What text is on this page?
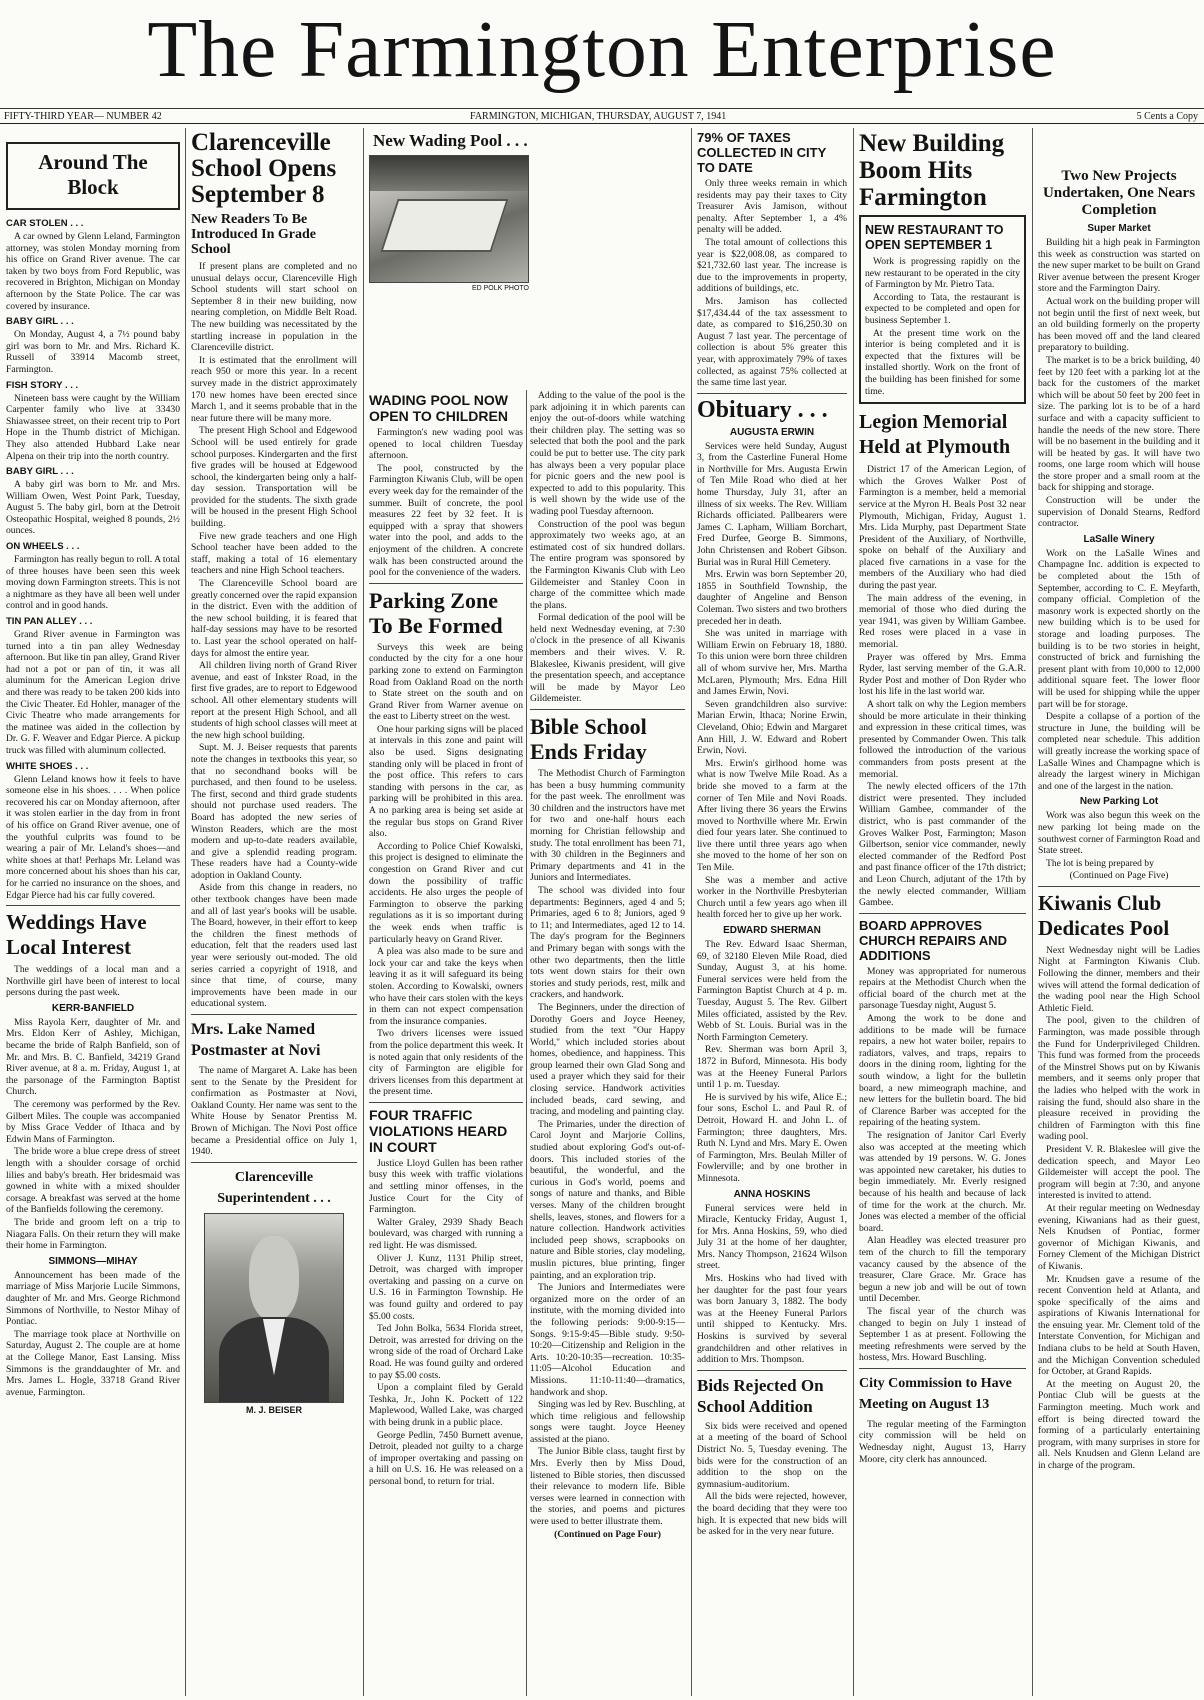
The Farmington Enterprise
FIFTY-THIRD YEAR— NUMBER 42	FARMINGTON, MICHIGAN, THURSDAY, AUGUST 7, 1941	5 Cents a Copy
Around The Block
CAR STOLEN . . .

A car owned by Glenn Leland, Farmington attorney, was stolen Monday morning from his office on Grand River avenue. The car taken by two boys from Ford Republic, was recovered in Brighton, Michigan on Monday afternoon by the State Police. The car was covered by insurance.

BABY GIRL . . .

On Monday, August 4, a 7½ pound baby girl was born to Mr. and Mrs. Richard K. Russell of 33914 Macomb street, Farmington.

FISH STORY . . .

Nineteen bass were caught by the William Carpenter family who live at 33430 Shiawassee street, on their recent trip to Port Hope in the Thumb district of Michigan. They also attended Hubbard Lake near Alpena on their trip into the north country.

BABY GIRL . . .

A baby girl was born to Mr. and Mrs. William Owen, West Point Park, Tuesday, August 5. The baby girl, born at the Detroit Osteopathic Hospital, weighed 8 pounds, 2½ ounces.

ON WHEELS . . .

Farmington has really begun to roll. A total of three houses have been seen this week moving down Farmington streets. This is not a nightmare as they have all been well under control and in good hands.

TIN PAN ALLEY . . .

Grand River avenue in Farmington was turned into a tin pan alley Wednesday afternoon. But like tin pan alley, Grand River had not a pot or pan of tin, it was all aluminum for the American Legion drive and there was ready to be taken 200 kids into the Civic Theater. Ed Hohler, manager of the Civic Theatre who made arrangements for the matinee was aided in the collection by Dr. G. F. Weaver and Edgar Pierce. A pickup truck was filled with aluminum collected.

WHITE SHOES . . .

Glenn Leland knows how it feels to have someone else in his shoes. . . . When police recovered his car on Monday afternoon, after it was stolen earlier in the day from in front of his office on Grand River avenue, one of the youthful culprits was found to be wearing a pair of Mr. Leland's shoes—and white shoes at that! Perhaps Mr. Leland was more concerned about his shoes than his car, for he carried no insurance on the shoes, and Edgar Pierce had his car fully covered.

Weddings Have Local Interest

The weddings of a local man and a Northville girl have been of interest to local persons during the past week.

KERR-BANFIELD

Miss Rayola Kerr, daughter of Mr. and Mrs. Eldon Kerr of Ashley, Michigan, became the bride of Ralph Banfield, son of Mr. and Mrs. B. C. Banfield, 34219 Grand River avenue, at 8 a. m. Friday, August 1, at the parsonage of the Farmington Baptist Church.

The ceremony was performed by the Rev. Gilbert Miles. The couple was accompanied by Miss Grace Vedder of Ithaca and by Edwin Mans of Farmington.

The bride wore a blue crepe dress of street length with a shoulder corsage of orchid lilies and baby's breath. Her bridesmaid was gowned in white with a mixed shoulder corsage. A breakfast was served at the home of the Banfields following the ceremony.

The bride and groom left on a trip to Niagara Falls. On their return they will make their home in Farmington.

SIMMONS—MIHAY

Announcement has been made of the marriage of Miss Marjorie Lucile Simmons, daughter of Mr. and Mrs. George Richmond Simmons of Northville, to Nestor Mihay of Pontiac.

The marriage took place at Northville on Saturday, August 2. The couple are at home at the College Manor, East Lansing. Miss Simmons is the granddaughter of Mr. and Mrs. James L. Hogle, 33718 Grand River avenue, Farmington.

Clarenceville School Opens September 8
New Readers To Be Introduced In Grade School

If present plans are completed and no unusual delays occur, Clarenceville High School students will start school on September 8 in their new building, now nearing completion, on Middle Belt Road. The new building was necessitated by the startling increase in population in the Clarenceville district.

It is estimated that the enrollment will reach 950 or more this year. In a recent survey made in the district approximately 170 new homes have been erected since March 1, and it seems probable that in the near future there will be many more.

The present High School and Edgewood School will be used entirely for grade school purposes. Kindergarten and the first five grades will be housed at Edgewood school, the kindergarten being only a half-day session. Transportation will be provided for the students. The sixth grade will be housed in the present High School building.

Five new grade teachers and one High School teacher have been added to the staff, making a total of 16 elementary teachers and nine High School teachers.

The Clarenceville School board are greatly concerned over the rapid expansion in the district. Even with the addition of the new school building, it is feared that half-day sessions may have to be resorted to. Last year the school operated on half-days for almost the entire year.

All children living north of Grand River avenue, and east of Inkster Road, in the first five grades, are to report to Edgewood school. All other elementary students will report at the present High School, and all students of high school classes will meet at the new high school building.

Supt. M. J. Beiser requests that parents note the changes in textbooks this year, so that no secondhand books will be purchased, and then found to be useless. The first, second and third grade students should not purchase used readers. The Board has adopted the new series of Winston Readers, which are the most modern and up-to-date readers available, and give a splendid reading program. These readers have had a County-wide adoption in Oakland County.

Aside from this change in readers, no other textbook changes have been made and all of last year's books will be usable. The Board, however, in their effort to keep the children the finest methods of education, felt that the readers used last year were seriously out-moded. The old series carried a copyright of 1918, and since that time, of course, many improvements have been made in our educational system.

Mrs. Lake Named Postmaster at Novi

The name of Margaret A. Lake has been sent to the Senate by the President for confirmation as Postmaster at Novi, Oakland County. Her name was sent to the White House by Senator Prentiss M. Brown of Michigan. The Novi Post office became a Presidential office on July 1, 1940.

Clarenceville Superintendent . . .
M. J. BEISER
New Wading Pool . . .
ED POLK PHOTO
WADING POOL NOW OPEN TO CHILDREN

Farmington's new wading pool was opened to local children Tuesday afternoon.

The pool, constructed by the Farmington Kiwanis Club, will be open every week day for the remainder of the summer. Built of concrete, the pool measures 22 feet by 32 feet. It is equipped with a spray that showers water into the pool, and adds to the enjoyment of the children. A concrete walk has been constructed around the pool for the convenience of the waders.

Parking Zone To Be Formed

Surveys this week are being conducted by the city for a one hour parking zone to extend on Farmington Road from Oakland Road on the north to State street on the south and on Grand River from Warner avenue on the east to Liberty street on the west.

One hour parking signs will be placed at intervals in this zone and paint will also be used. Signs designating standing only will be placed in front of the post office. This refers to cars standing with persons in the car, as parking will be prohibited in this area. A no parking area is being set aside at the regular bus stops on Grand River also.

According to Police Chief Kowalski, this project is designed to eliminate the congestion on Grand River and cut down the possibility of traffic accidents. He also urges the people of Farmington to observe the parking regulations as it is so important during the week ends when traffic is particularly heavy on Grand River.

A plea was also made to be sure and lock your car and take the keys when leaving it as it will safeguard its being stolen. According to Kowalski, owners who have their cars stolen with the keys in them can not expect compensation from the insurance companies.

Two drivers licenses were issued from the police department this week. It is noted again that only residents of the city of Farmington are eligible for drivers licenses from this department at the present time.

FOUR TRAFFIC VIOLATIONS HEARD IN COURT

Justice Lloyd Gullen has been rather busy this week with traffic violations and settling minor offenses, in the Justice Court for the City of Farmington.

Walter Graley, 2939 Shady Beach boulevard, was charged with running a red light. He was dismissed.

Oliver J. Kunz, 1131 Philip street, Detroit, was charged with improper overtaking and passing on a curve on U.S. 16 in Farmington Township. He was found guilty and ordered to pay $5.00 costs.

Ted John Bolka, 5634 Florida street, Detroit, was arrested for driving on the wrong side of the road of Orchard Lake Road. He was found guilty and ordered to pay $5.00 costs.

Upon a complaint filed by Gerald Teshka, Jr., John K. Pockett of 122 Maplewood, Walled Lake, was charged with being drunk in a public place.

George Pedlin, 7450 Burnett avenue, Detroit, pleaded not guilty to a charge of improper overtaking and passing on a hill on U.S. 16. He was released on a personal bond, to return for trial.

Adding to the value of the pool is the park adjoining it in which parents can enjoy the out-of-doors while watching their children play. The setting was so selected that both the pool and the park could be put to better use. The city park has always been a very popular place for picnic goers and the new pool is expected to add to this popularity. This is well shown by the wide use of the wading pool Tuesday afternoon.

Construction of the pool was begun approximately two weeks ago, at an estimated cost of six hundred dollars. The entire program was sponsored by the Farmington Kiwanis Club with Leo Gildemeister and Stanley Coon in charge of the committee which made the plans.

Formal dedication of the pool will be held next Wednesday evening, at 7:30 o'clock in the presence of all Kiwanis members and their wives. V. R. Blakeslee, Kiwanis president, will give the presentation speech, and acceptance will be made by Mayor Leo Gildemeister.

Bible School Ends Friday

The Methodist Church of Farmington has been a busy humming community for the past week. The enrollment was 30 children and the instructors have met for two and one-half hours each morning for Christian fellowship and study. The total enrollment has been 71, with 30 children in the Beginners and Primary departments and 41 in the Juniors and Intermediates.

The school was divided into four departments: Beginners, aged 4 and 5; Primaries, aged 6 to 8; Juniors, aged 9 to 11; and Intermediates, aged 12 to 14. The day's program for the Beginners and Primary began with songs with the other two departments, then the little tots went down stairs for their own stories and study periods, rest, milk and crackers, and handwork.

The Beginners, under the direction of Dorothy Goers and Joyce Heeney, studied from the text "Our Happy World," which included stories about homes, obedience, and happiness. This group learned their own Glad Song and used a prayer which they said for their closing service. Handwork activities included beads, card sewing, and tracing, and modeling and painting clay.

The Primaries, under the direction of Carol Joynt and Marjorie Collins, studied about exploring God's out-of-doors. This included stories of the beautiful, the wonderful, and the curious in God's world, poems and songs of nature and thanks, and Bible verses. Many of the children brought shells, leaves, stones, and flowers for a nature collection. Handwork activities included peep shows, scrapbooks on nature and Bible stories, clay modeling, muslin pictures, blue printing, finger painting, and an exploration trip.

The Juniors and Intermediates were organized more on the order of an institute, with the morning divided into the following periods: 9:00-9:15—Songs. 9:15-9:45—Bible study. 9:50-10:20—Citizenship and Religion in the Arts. 10:20-10:35—recreation. 10:35-11:05—Alcohol Education and Missions. 11:10-11:40—dramatics, handwork and shop.

Singing was led by Rev. Buschling, at which time religious and fellowship songs were taught. Joyce Heeney assisted at the piano.

The Junior Bible class, taught first by Mrs. Everly then by Miss Doud, listened to Bible stories, then discussed their relevance to modern life. Bible verses were learned in connection with the stories, and poems and pictures were used to better illustrate them.

(Continued on Page Four)

79% OF TAXES COLLECTED IN CITY TO DATE

Only three weeks remain in which residents may pay their taxes to City Treasurer Avis Jamison, without penalty. After September 1, a 4% penalty will be added.

The total amount of collections this year is $22,008.08, as compared to $21,732.60 last year. The increase is due to the improvements in property, additions of buildings, etc.

Mrs. Jamison has collected $17,434.44 of the tax assessment to date, as compared to $16,250.30 on August 7 last year. The percentage of collection is about 5% greater this year, with approximately 79% of taxes collected, as against 75% collected at the same time last year.

Obituary . . .
AUGUSTA ERWIN

Services were held Sunday, August 3, from the Casterline Funeral Home in Northville for Mrs. Augusta Erwin of Ten Mile Road who died at her home Thursday, July 31, after an illness of six weeks. The Rev. William Richards officiated. Pallbearers were James C. Lapham, William Borchart, Fred Durfee, George B. Simmons, John Christensen and Robert Gibson. Burial was in Rural Hill Cemetery.

Mrs. Erwin was born September 20, 1855 in Southfield Township, the daughter of Angeline and Benson Coleman. Two sisters and two brothers preceded her in death.

She was united in marriage with William Erwin on February 18, 1880. To this union were born three children all of whom survive her, Mrs. Martha McLaren, Plymouth; Mrs. Edna Hill and James Erwin, Novi.

Seven grandchildren also survive: Marian Erwin, Ithaca; Norine Erwin, Cleveland, Ohio; Edwin and Margaret Ann Hill, J. W. Edward and Robert Erwin, Novi.

Mrs. Erwin's girlhood home was what is now Twelve Mile Road. As a bride she moved to a farm at the corner of Ten Mile and Novi Roads. After living there 36 years the Erwins moved to Northville where Mr. Erwin died four years later. She continued to live there until three years ago when she moved to the home of her son on Ten Mile.

She was a member and active worker in the Northville Presbyterian Church until a few years ago when ill health forced her to give up her work.

EDWARD SHERMAN

The Rev. Edward Isaac Sherman, 69, of 32180 Eleven Mile Road, died Sunday, August 3, at his home. Funeral services were held from the Farmington Baptist Church at 4 p. m. Tuesday, August 5. The Rev. Gilbert Miles officiated, assisted by the Rev. Webb of St. Louis. Burial was in the North Farmington Cemetery.

Rev. Sherman was born April 3, 1872 in Buford, Minnesota. His body was at the Heeney Funeral Parlors until 1 p. m. Tuesday.

He is survived by his wife, Alice E.; four sons, Eschol L. and Paul R. of Detroit, Howard H. and John L. of Farmington; three daughters, Mrs. Ruth N. Lynd and Mrs. Mary E. Owen of Farmington, Mrs. Beulah Miller of Fowlerville; and by one brother in Minnesota.

ANNA HOSKINS

Funeral services were held in Miracle, Kentucky Friday, August 1, for Mrs. Anna Hoskins, 59, who died July 31 at the home of her daughter, Mrs. Nancy Thompson, 21624 Wilson street.

Mrs. Hoskins who had lived with her daughter for the past four years was born January 3, 1882. The body was at the Heeney Funeral Parlors until shipped to Kentucky. Mrs. Hoskins is survived by several grandchildren and other relatives in addition to Mrs. Thompson.

Bids Rejected On School Addition

Six bids were received and opened at a meeting of the board of School District No. 5, Tuesday evening. The bids were for the construction of an addition to the shop on the gymnasium-auditorium.

All the bids were rejected, however, the board deciding that they were too high. It is expected that new bids will be asked for in the very near future.

New Building Boom Hits Farmington
NEW RESTAURANT TO OPEN SEPTEMBER 1

Work is progressing rapidly on the new restaurant to be operated in the city of Farmington by Mr. Pietro Tata.

According to Tata, the restaurant is expected to be completed and open for business September 1.

At the present time work on the interior is being completed and it is expected that the fixtures will be installed shortly. Work on the front of the building has been finished for some time.

Legion Memorial Held at Plymouth

District 17 of the American Legion, of which the Groves Walker Post of Farmington is a member, held a memorial service at the Myron H. Beals Post 32 near Plymouth, Michigan, Friday, August 1. Mrs. Lida Murphy, past Department State President of the Auxiliary, of Northville, spoke on behalf of the Auxiliary and placed five carnations in a vase for the members of the Auxiliary who had died during the past year.

The main address of the evening, in memorial of those who died during the year 1941, was given by William Gambee. Red roses were placed in a vase in memorial.

Prayer was offered by Mrs. Emma Ryder, last serving member of the G.A.R. Ryder Post and mother of Don Ryder who lost his life in the last world war.

A short talk on why the Legion members should be more articulate in their thinking and expression in these critical times, was presented by Commander Owen. This talk followed the introduction of the various commanders from posts present at the memorial.

The newly elected officers of the 17th district were presented. They included William Gambee, commander of the district, who is past commander of the Groves Walker Post, Farmington; Mason Gilbertson, senior vice commander, newly elected commander of the Redford Post and past finance officer of the 17th district; and Leon Church, adjutant of the 17th by the newly elected commander, William Gambee.

BOARD APPROVES CHURCH REPAIRS AND ADDITIONS

Money was appropriated for numerous repairs at the Methodist Church when the official board of the church met at the parsonage Tuesday night, August 5.

Among the work to be done and additions to be made will be furnace repairs, a new hot water boiler, repairs to radiators, valves, and traps, repairs to doors in the dining room, lighting for the south window, a light for the bulletin board, a new mimeograph machine, and new letters for the bulletin board. The bid of Clarence Barber was accepted for the repairing of the heating system.

The resignation of Janitor Carl Everly also was accepted at the meeting which was attended by 19 persons. W. G. Jones was appointed new caretaker, his duties to begin immediately. Mr. Everly resigned because of his health and because of lack of time for the work at the church. Mr. Jones was elected a member of the official board.

Alan Headley was elected treasurer pro tem of the church to fill the temporary vacancy caused by the absence of the treasurer, Clare Grace. Mr. Grace has begun a new job and will be out of town until December.

The fiscal year of the church was changed to begin on July 1 instead of September 1 as at present. Following the meeting refreshments were served by the hostess, Mrs. Howard Buschling.

City Commission to Have Meeting on August 13

The regular meeting of the Farmington city commission will be held on Wednesday night, August 13, Harry Moore, city clerk has announced.

Two New Projects Undertaken, One Nears Completion
Super Market

Building hit a high peak in Farmington this week as construction was started on the new super market to be built on Grand River avenue between the present Kroger store and the Farmington Dairy.

Actual work on the building proper will not begin until the first of next week, but an old building formerly on the property has been moved off and the land cleared preparatory to building.

The market is to be a brick building, 40 feet by 120 feet with a parking lot at the back for the customers of the market which will be about 50 feet by 200 feet in size. The parking lot is to be of a hard surface and with a capacity sufficient to handle the needs of the new store. There will be no basement in the building and it will be heated by gas. It will have two rooms, one large room which will house the store proper and a small room at the back for shipping and storage.

Construction will be under the supervision of Donald Stearns, Redford contractor.

LaSalle Winery

Work on the LaSalle Wines and Champagne Inc. addition is expected to be completed about the 15th of September, according to C. E. Meyfarth, company official. Completion of the masonry work is expected shortly on the new building which is to be used for storage and loading purposes. The building is to be two stories in height, constructed of brick and furnishing the present plant with from 10,000 to 12,000 additional square feet. The lower floor will be used for shipping while the upper part will be for storage.

Despite a collapse of a portion of the structure in June, the building will be completed near schedule. This addition will greatly increase the working space of LaSalle Wines and Champagne which is already the largest winery in Michigan and one of the largest in the nation.

New Parking Lot

Work was also begun this week on the new parking lot being made on the southwest corner of Farmington Road and State street.

The lot is being prepared by

(Continued on Page Five)

Kiwanis Club Dedicates Pool

Next Wednesday night will be Ladies Night at Farmington Kiwanis Club. Following the dinner, members and their wives will attend the formal dedication of the wading pool near the High School Athletic Field.

The pool, given to the children of Farmington, was made possible through the Fund for Underprivileged Children. This fund was formed from the proceeds of the Minstrel Shows put on by Kiwanis members, and it seems only proper that the ladies who helped with the work in raising the fund, should also share in the pleasure received in providing the children of Farmington with this fine wading pool.

President V. R. Blakeslee will give the dedication speech, and Mayor Leo Gildemeister will accept the pool. The program will begin at 7:30, and anyone interested is invited to attend.

At their regular meeting on Wednesday evening, Kiwanians had as their guest, Nels Knudsen of Pontiac, former governor of Michigan Kiwanis, and Forney Clement of the Michigan District of Kiwanis.

Mr. Knudsen gave a resume of the recent Convention held at Atlanta, and spoke specifically of the aims and aspirations of Kiwanis International for the ensuing year. Mr. Clement told of the Interstate Convention, for Michigan and Indiana clubs to be held at South Haven, and the Michigan Convention scheduled for October, at Grand Rapids.

At the meeting on August 20, the Pontiac Club will be guests at the Farmington meeting. Much work and effort is being directed toward the forming of a particularly entertaining program, with many surprises in store for all. Nels Knudsen and Glenn Leland are in charge of the program.
